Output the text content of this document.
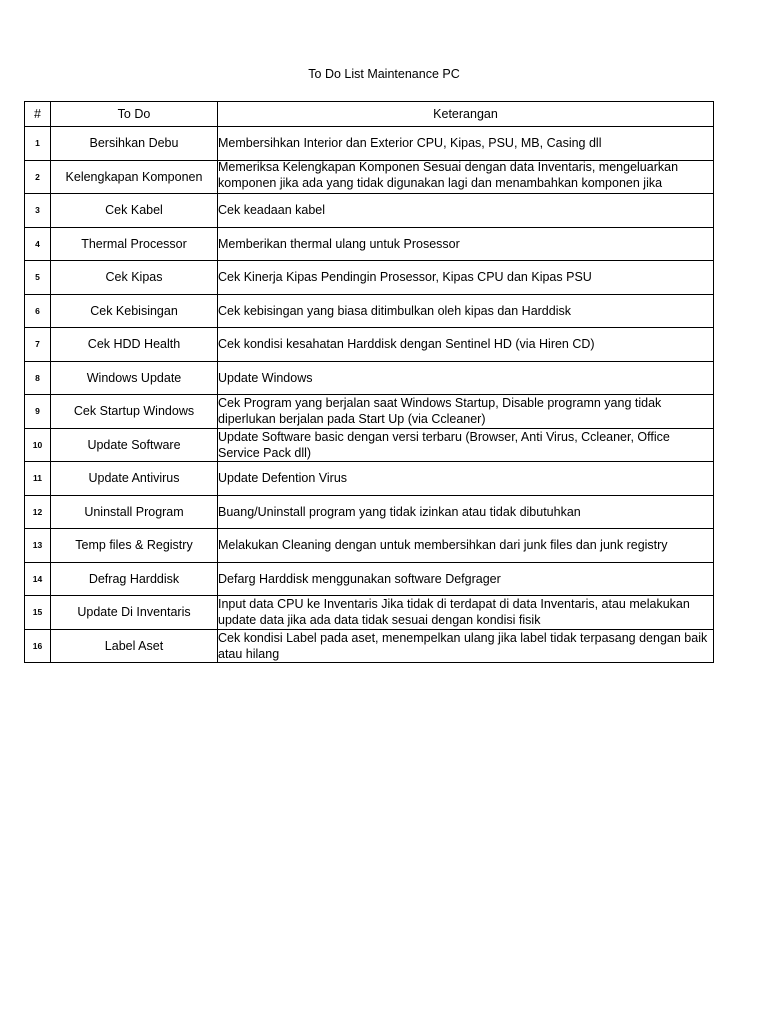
To Do List Maintenance PC
#	To Do	Keterangan
1	Bersihkan Debu	Membersihkan Interior dan Exterior CPU, Kipas, PSU, MB, Casing dll

2	Kelengkapan Komponen	Memeriksa Kelengkapan Komponen Sesuai dengan data Inventaris, mengeluarkan komponen jika ada yang tidak digunakan lagi dan menambahkan komponen jika

3	Cek Kabel	Cek keadaan kabel

4	Thermal Processor	Memberikan thermal ulang untuk Prosessor

5	Cek Kipas	Cek Kinerja Kipas Pendingin Prosessor, Kipas CPU dan Kipas PSU

6	Cek Kebisingan	Cek kebisingan yang biasa ditimbulkan oleh kipas dan Harddisk

7	Cek HDD Health	Cek kondisi kesahatan Harddisk dengan Sentinel HD (via Hiren CD)

8	Windows Update	Update Windows

9	Cek Startup Windows	Cek Program yang berjalan saat Windows Startup, Disable programn yang tidak diperlukan berjalan pada Start Up (via Ccleaner)

10	Update Software	Update Software basic dengan versi terbaru (Browser, Anti Virus, Ccleaner, Office Service Pack dll)

11	Update Antivirus	Update Defention Virus

12	Uninstall Program	Buang/Uninstall program yang tidak izinkan atau tidak dibutuhkan

13	Temp files & Registry	Melakukan Cleaning dengan untuk membersihkan dari junk files dan junk registry

14	Defrag Harddisk	Defarg Harddisk menggunakan software Defgrager

15	Update Di Inventaris	Input data CPU ke Inventaris Jika tidak di terdapat di data Inventaris, atau melakukan update data jika ada data tidak sesuai dengan kondisi fisik

16	Label Aset	Cek kondisi Label pada aset, menempelkan ulang jika label tidak terpasang dengan baik atau hilang
